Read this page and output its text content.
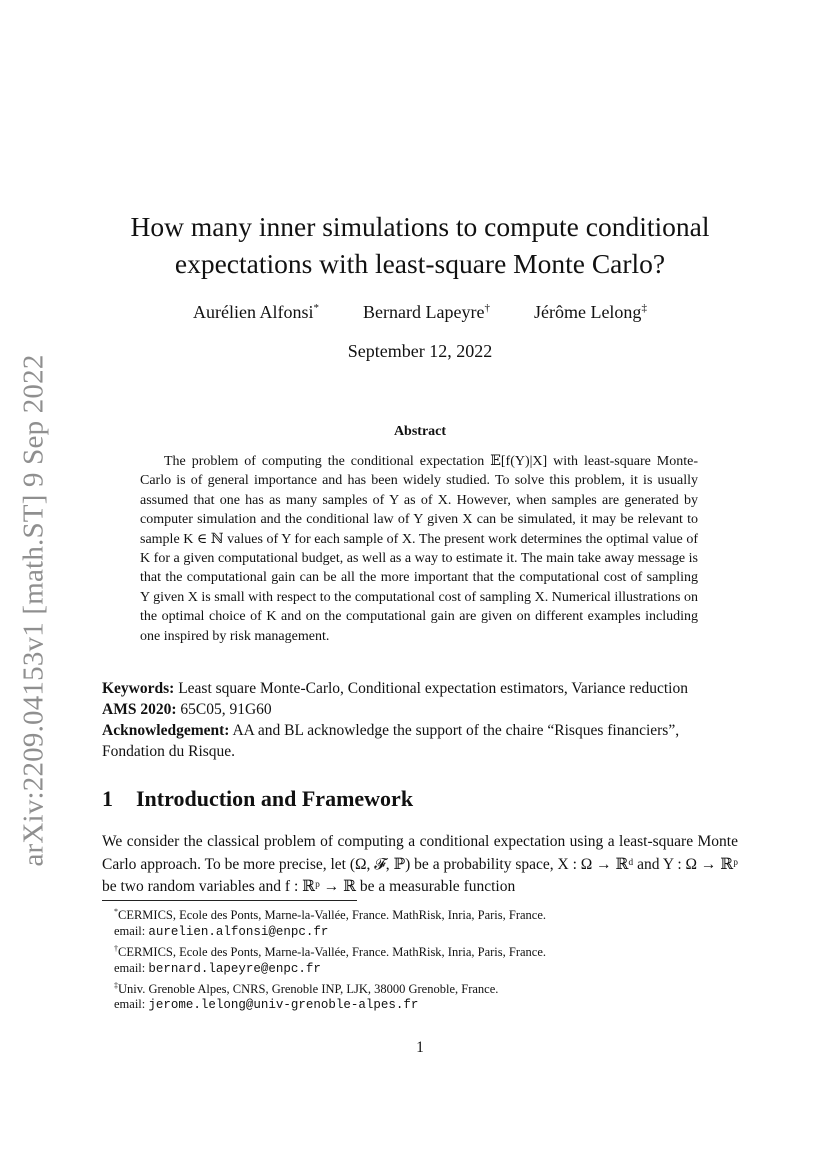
arXiv:2209.04153v1 [math.ST] 9 Sep 2022
How many inner simulations to compute conditional
expectations with least-square Monte Carlo?
Aurélien Alfonsi* Bernard Lapeyre† Jérôme Lelong‡
September 12, 2022
Abstract

The problem of computing the conditional expectation 𝔼[f(Y)|X] with least-square Monte-Carlo is of general importance and has been widely studied. To solve this problem, it is usually assumed that one has as many samples of Y as of X. However, when samples are generated by computer simulation and the conditional law of Y given X can be simulated, it may be relevant to sample K ∈ ℕ values of Y for each sample of X. The present work determines the optimal value of K for a given computational budget, as well as a way to estimate it. The main take away message is that the computational gain can be all the more important that the computational cost of sampling Y given X is small with respect to the computational cost of sampling X. Numerical illustrations on the optimal choice of K and on the computational gain are given on different examples including one inspired by risk management.

Keywords: Least square Monte-Carlo, Conditional expectation estimators, Variance reduction
AMS 2020: 65C05, 91G60
Acknowledgement: AA and BL acknowledge the support of the chaire “Risques financiers”, Fondation du Risque.
1 Introduction and Framework

We consider the classical problem of computing a conditional expectation using a least-square Monte Carlo approach. To be more precise, let (Ω, 𝓕, ℙ) be a probability space, X : Ω → ℝᵈ and Y : Ω → ℝᵖ be two random variables and f : ℝᵖ → ℝ be a measurable function

*CERMICS, Ecole des Ponts, Marne-la-Vallée, France. MathRisk, Inria, Paris, France.
email: aurelien.alfonsi@enpc.fr
†CERMICS, Ecole des Ponts, Marne-la-Vallée, France. MathRisk, Inria, Paris, France.
email: bernard.lapeyre@enpc.fr
‡Univ. Grenoble Alpes, CNRS, Grenoble INP, LJK, 38000 Grenoble, France.
email: jerome.lelong@univ-grenoble-alpes.fr
1
